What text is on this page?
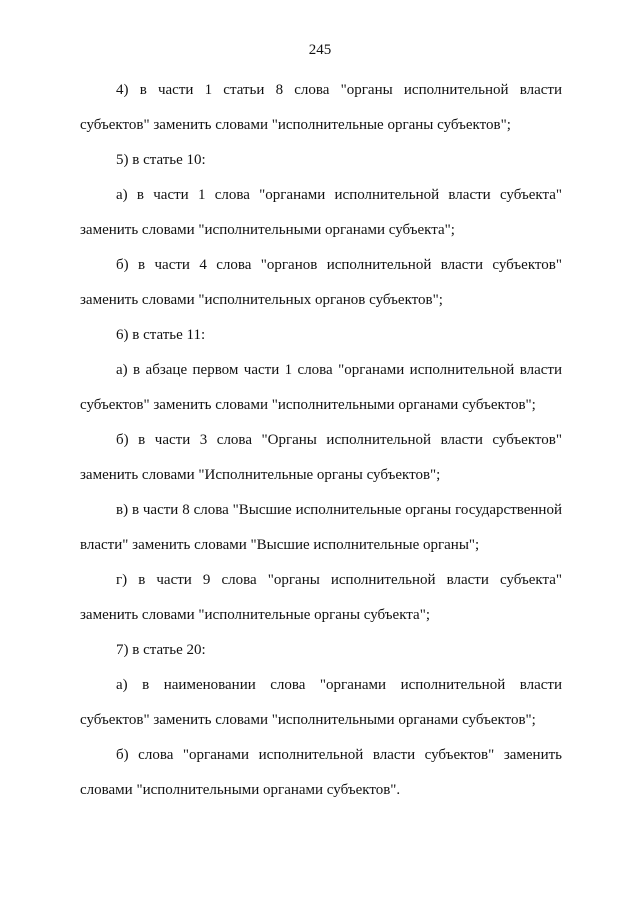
245

4) в части 1 статьи 8 слова "органы исполнительной власти субъектов" заменить словами "исполнительные органы субъектов";

5) в статье 10:

а) в части 1 слова "органами исполнительной власти субъекта" заменить словами "исполнительными органами субъекта";

б) в части 4 слова "органов исполнительной власти субъектов" заменить словами "исполнительных органов субъектов";

6) в статье 11:

а) в абзаце первом части 1 слова "органами исполнительной власти субъектов" заменить словами "исполнительными органами субъектов";

б) в части 3 слова "Органы исполнительной власти субъектов" заменить словами "Исполнительные органы субъектов";

в) в части 8 слова "Высшие исполнительные органы государственной власти" заменить словами "Высшие исполнительные органы";

г) в части 9 слова "органы исполнительной власти субъекта" заменить словами "исполнительные органы субъекта";

7) в статье 20:

а) в наименовании слова "органами исполнительной власти субъектов" заменить словами "исполнительными органами субъектов";

б) слова "органами исполнительной власти субъектов" заменить словами "исполнительными органами субъектов".
